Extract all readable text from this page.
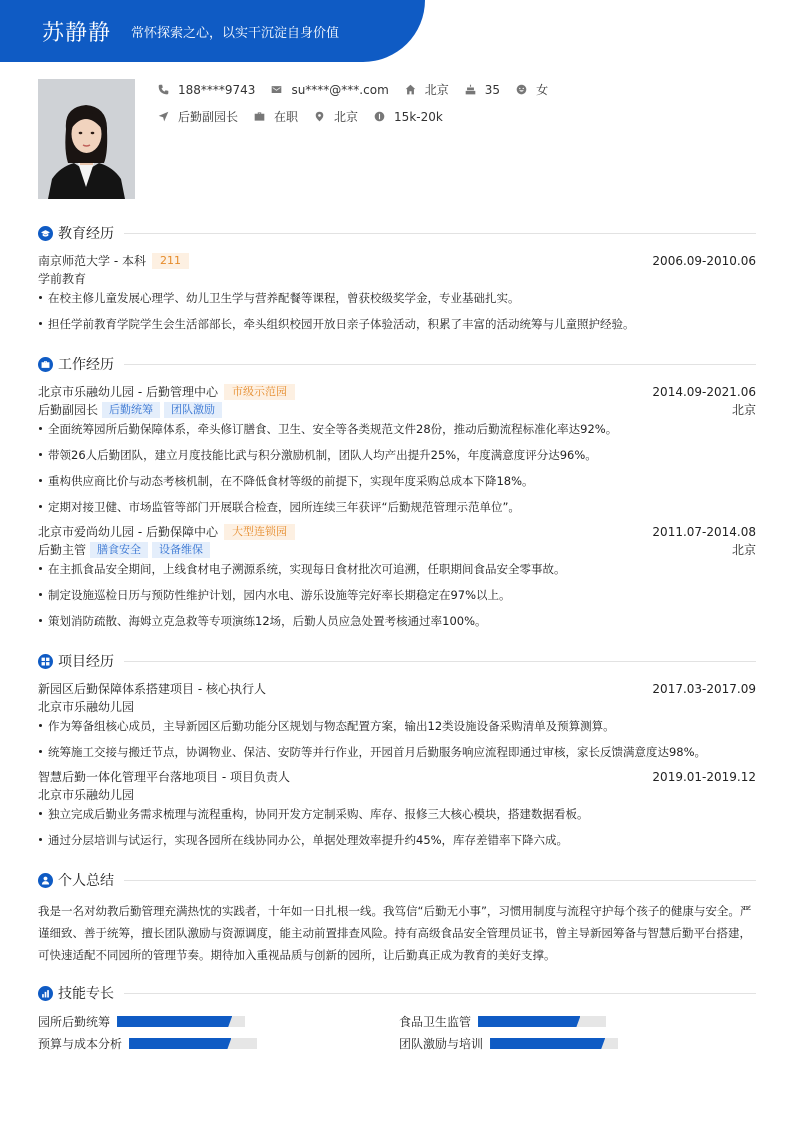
苏静静 常怀探索之心，以实干沉淀自身价值
188****9743	su****@***.com	北京	35	女
后勤副园长	在职	北京	15k-20k
教育经历
南京师范大学 - 本科	211	2006.09-2010.06
学前教育
在校主修儿童发展心理学、幼儿卫生学与营养配餐等课程，曾获校级奖学金，专业基础扎实。
担任学前教育学院学生会生活部部长，牵头组织校园开放日亲子体验活动，积累了丰富的活动统筹与儿童照护经验。
工作经历
北京市乐融幼儿园 - 后勤管理中心	市级示范园	2014.09-2021.06
后勤副园长	后勤统筹	团队激励	北京
全面统筹园所后勤保障体系，牵头修订膳食、卫生、安全等各类规范文件28份，推动后勤流程标准化率达92%。
带领26人后勤团队，建立月度技能比武与积分激励机制，团队人均产出提升25%，年度满意度评分达96%。
重构供应商比价与动态考核机制，在不降低食材等级的前提下，实现年度采购总成本下降18%。
定期对接卫健、市场监管等部门开展联合检查，园所连续三年获评“后勤规范管理示范单位”。
北京市爱尚幼儿园 - 后勤保障中心	大型连锁园	2011.07-2014.08
后勤主管	膳食安全	设备维保	北京
在主抓食品安全期间，上线食材电子溯源系统，实现每日食材批次可追溯，任职期间食品安全零事故。
制定设施巡检日历与预防性维护计划，园内水电、游乐设施等完好率长期稳定在97%以上。
策划消防疏散、海姆立克急救等专项演练12场，后勤人员应急处置考核通过率100%。
项目经历
新园区后勤保障体系搭建项目 - 核心执行人	2017.03-2017.09
北京市乐融幼儿园
作为筹备组核心成员，主导新园区后勤功能分区规划与物态配置方案，输出12类设施设备采购清单及预算测算。
统筹施工交接与搬迁节点，协调物业、保洁、安防等并行作业，开园首月后勤服务响应流程即通过审核，家长反馈满意度达98%。
智慧后勤一体化管理平台落地项目 - 项目负责人	2019.01-2019.12
北京市乐融幼儿园
独立完成后勤业务需求梳理与流程重构，协同开发方定制采购、库存、报修三大核心模块，搭建数据看板。
通过分层培训与试运行，实现各园所在线协同办公，单据处理效率提升约45%，库存差错率下降六成。
个人总结
我是一名对幼教后勤管理充满热忱的实践者，十年如一日扎根一线。我笃信“后勤无小事”，习惯用制度与流程守护每个孩子的健康与安全。严谨细致、善于统筹，擅长团队激励与资源调度，能主动前置排查风险。持有高级食品安全管理员证书，曾主导新园筹备与智慧后勤平台搭建，可快速适配不同园所的管理节奏。期待加入重视品质与创新的园所，让后勤真正成为教育的美好支撑。
技能专长
园所后勤统筹	食品卫生监管
预算与成本分析	团队激励与培训
